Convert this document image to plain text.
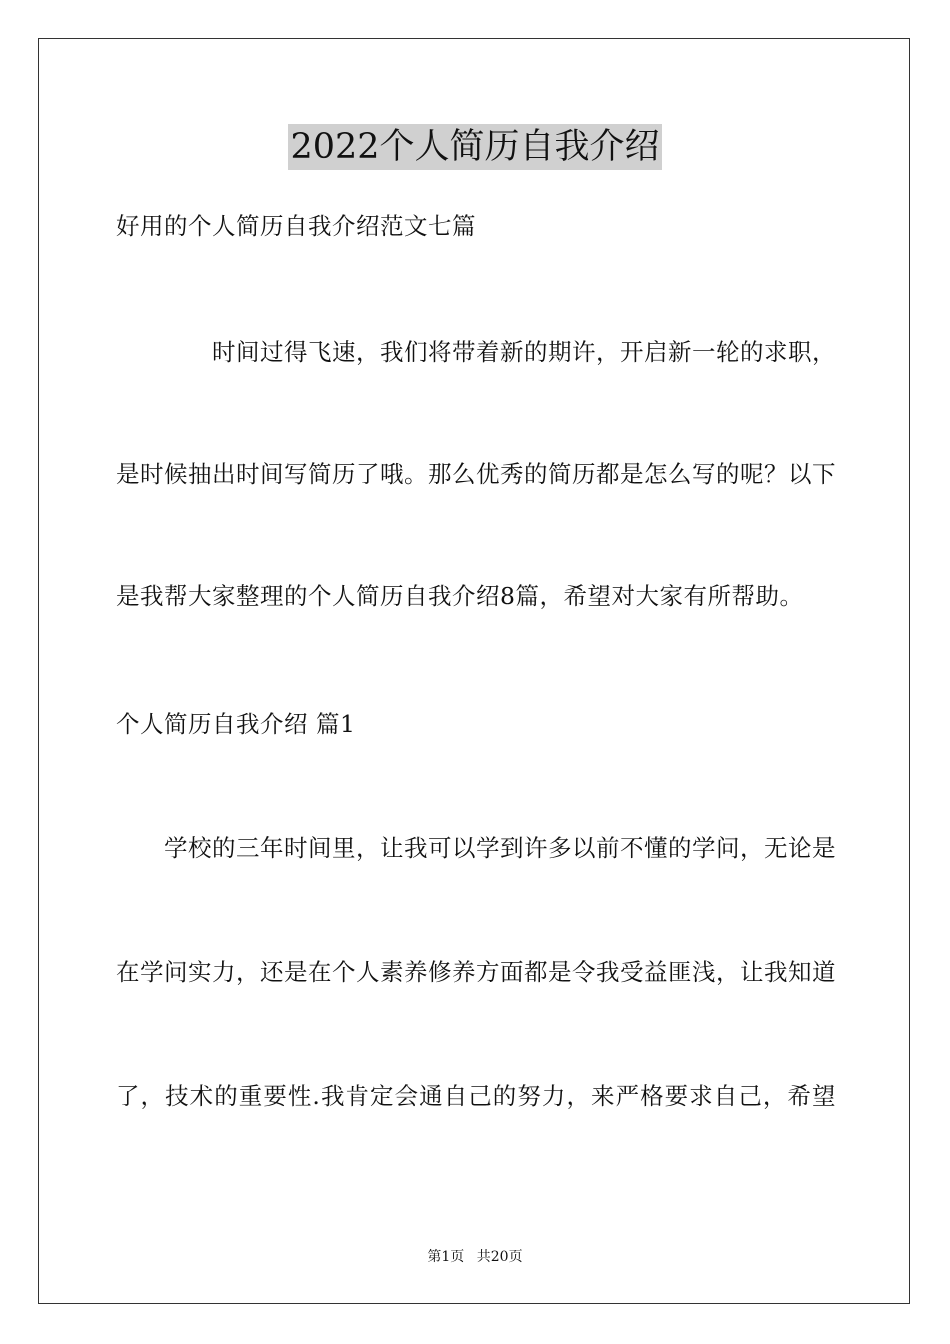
2022个人简历自我介绍
好用的个人简历自我介绍范文七篇
时间过得飞速，我们将带着新的期许，开启新一轮的求职，
是时候抽出时间写简历了哦。那么优秀的简历都是怎么写的呢？以下
是我帮大家整理的个人简历自我介绍8篇，希望对大家有所帮助。
个人简历自我介绍 篇1
学校的三年时间里，让我可以学到许多以前不懂的学问，无论是
在学问实力，还是在个人素养修养方面都是令我受益匪浅，让我知道
了，技术的重要性.我肯定会通自己的努力，来严格要求自己，希望
第1页 共20页
